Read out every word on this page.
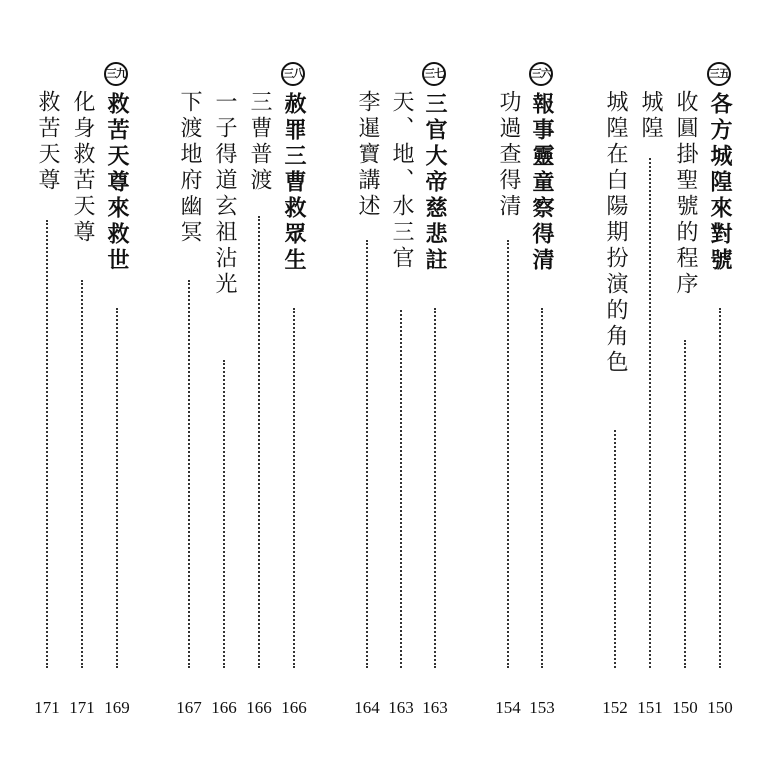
三五
各方城隍來對號
150
收圓掛聖號的程序
150
城隍
151
城隍在白陽期扮演的角色
152
三六
報事靈童察得清
153
功過查得清
154
三七
三官大帝慈悲註
163
天、地、水三官
163
李暹寶講述
164
三八
赦罪三曹救眾生
166
三曹普渡
166
一子得道玄祖沾光
166
下渡地府幽冥
167
三九
救苦天尊來救世
169
化身救苦天尊
171
救苦天尊
171
